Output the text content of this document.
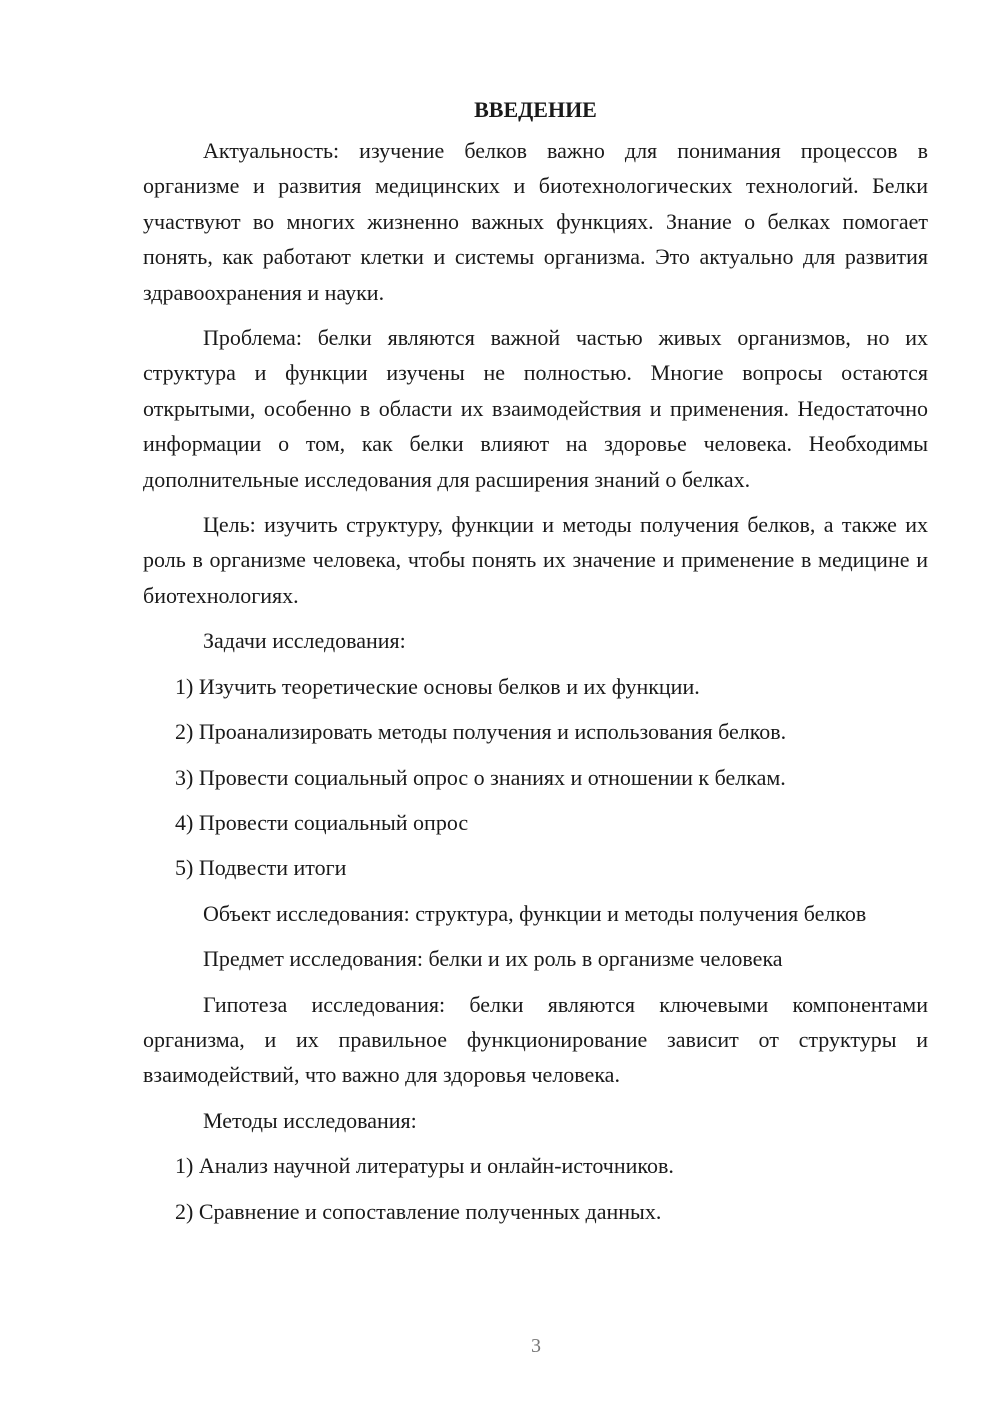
ВВЕДЕНИЕ

Актуальность: изучение белков важно для понимания процессов в организме и развития медицинских и биотехнологических технологий. Белки участвуют во многих жизненно важных функциях. Знание о белках помогает понять, как работают клетки и системы организма. Это актуально для развития здравоохранения и науки.

Проблема: белки являются важной частью живых организмов, но их структура и функции изучены не полностью. Многие вопросы остаются открытыми, особенно в области их взаимодействия и применения. Недостаточно информации о том, как белки влияют на здоровье человека. Необходимы дополнительные исследования для расширения знаний о белках.

Цель: изучить структуру, функции и методы получения белков, а также их роль в организме человека, чтобы понять их значение и применение в медицине и биотехнологиях.

Задачи исследования:

1) Изучить теоретические основы белков и их функции.
2) Проанализировать методы получения и использования белков.
3) Провести социальный опрос о знаниях и отношении к белкам.
4) Провести социальный опрос
5) Подвести итоги

Объект исследования: структура, функции и методы получения белков

Предмет исследования: белки и их роль в организме человека

Гипотеза исследования: белки являются ключевыми компонентами организма, и их правильное функционирование зависит от структуры и взаимодействий, что важно для здоровья человека.

Методы исследования:

1) Анализ научной литературы и онлайн-источников.
2) Сравнение и сопоставление полученных данных.
3
